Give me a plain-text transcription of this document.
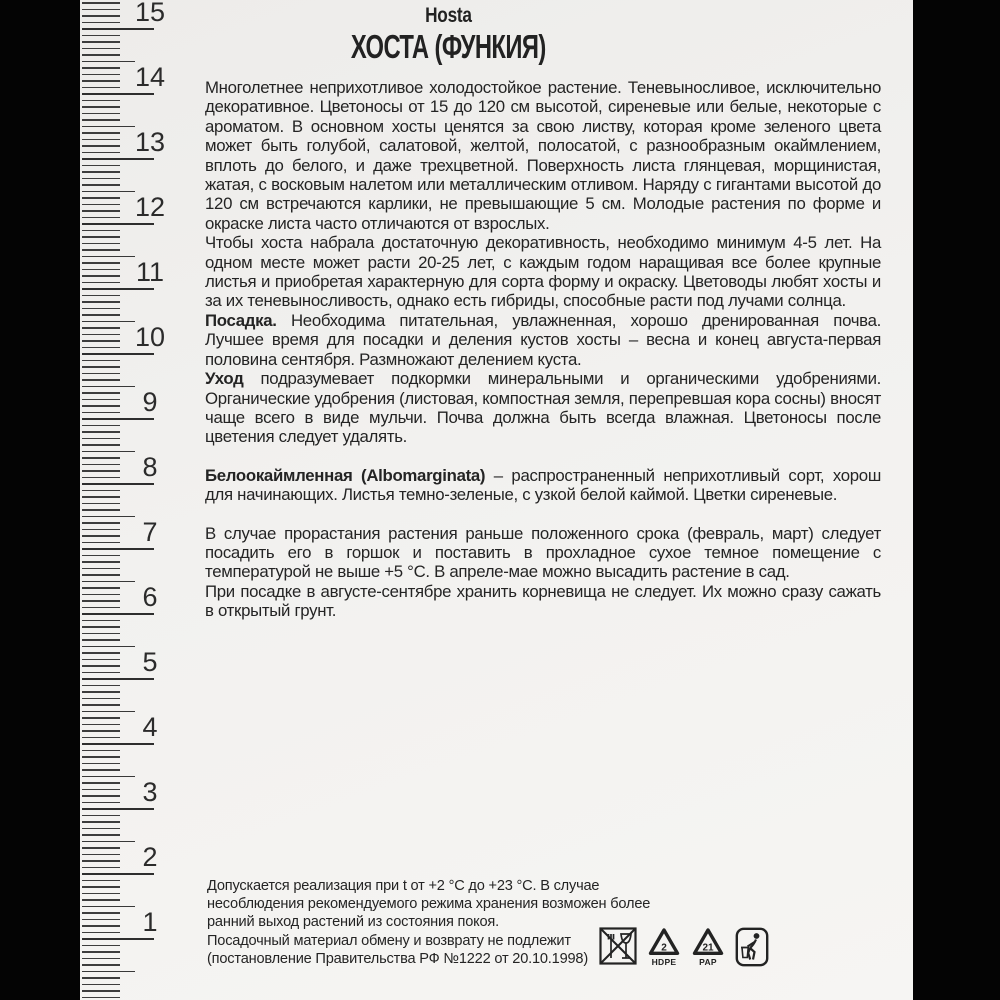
15
14
13
12
11
10
9
8
7
6
5
4
3
2
1
Hosta
ХОСТА (ФУНКИЯ)
Многолетнее неприхотливое холодостойкое растение. Теневыносливое, исключительно декоративное. Цветоносы от 15 до 120 см высотой, сиреневые или белые, некоторые с ароматом. В основном хосты ценятся за свою листву, которая кроме зеленого цвета может быть голубой, салатовой, желтой, полосатой, с разнообразным окаймлением, вплоть до белого, и даже трехцветной. Поверхность листа глянцевая, морщинистая, жатая, с восковым налетом или металлическим отливом. Наряду с гигантами высотой до 120 см встречаются карлики, не превышающие 5 см. Молодые растения по форме и окраске листа часто отличаются от взрослых.
Чтобы хоста набрала достаточную декоративность, необходимо минимум 4-5 лет. На одном месте может расти 20-25 лет, с каждым годом наращивая все более крупные листья и приобретая характерную для сорта форму и окраску. Цветоводы любят хосты и за их теневыносливость, однако есть гибриды, способные расти под лучами солнца.
Посадка. Необходима питательная, увлажненная, хорошо дренированная почва. Лучшее время для посадки и деления кустов хосты – весна и конец августа-первая половина сентября. Размножают делением куста.
Уход подразумевает подкормки минеральными и органическими удобрениями. Органические удобрения (листовая, компостная земля, перепревшая кора сосны) вносят чаще всего в виде мульчи. Почва должна быть всегда влажная. Цветоносы после цветения следует удалять.
Белоокаймленная (Albomarginata) – распространенный неприхотливый сорт, хорош для начинающих. Листья темно-зеленые, с узкой белой каймой. Цветки сиреневые.
В случае прорастания растения раньше положенного срока (февраль, март) следует посадить его в горшок и поставить в прохладное сухое темное помещение с температурой не выше +5 °С. В апреле-мае можно высадить растение в сад.
При посадке в августе-сентябре хранить корневища не следует. Их можно сразу сажать в открытый грунт.
Допускается реализация при t от +2 °С до +23 °С. В случае несоблюдения рекомендуемого режима хранения возможен более ранний выход растений из состояния покоя.
Посадочный материал обмену и возврату не подлежит
(постановление Правительства РФ №1222 от 20.10.1998)
2
HDPE
21
PAP
